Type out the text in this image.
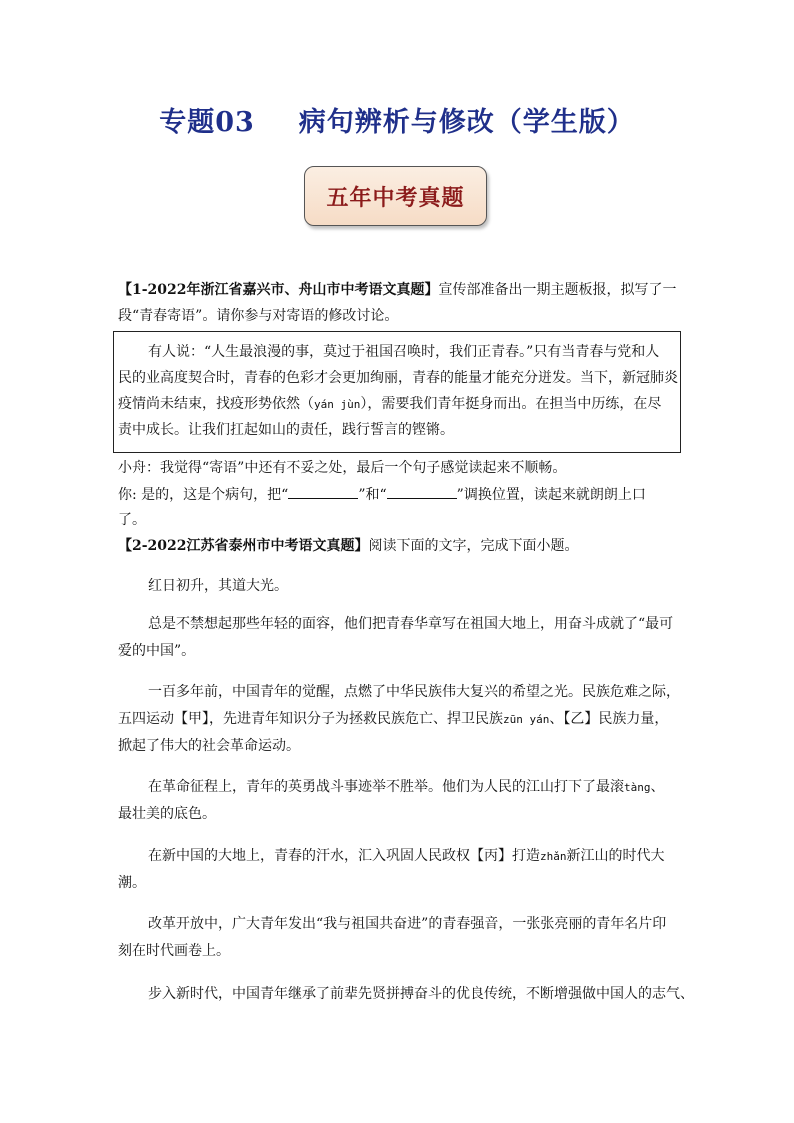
专题03 病句辨析与修改（学生版）
五年中考真题
【1-2022年浙江省嘉兴市、舟山市中考语文真题】宣传部准备出一期主题板报，拟写了一
段“青春寄语”。请你参与对寄语的修改讨论。
有人说：“人生最浪漫的事，莫过于祖国召唤时，我们正青春。”只有当青春与党和人
民的业高度契合时，青春的色彩才会更加绚丽，青春的能量才能充分迸发。当下，新冠肺炎
疫情尚未结束，找疫形势依然（yán jùn），需要我们青年挺身而出。在担当中历练，在尽
责中成长。让我们扛起如山的责任，践行誓言的铿锵。
小舟：我觉得“寄语”中还有不妥之处，最后一个句子感觉读起来不顺畅。
你: 是的，这是个病句，把“	”和“	”调换位置，读起来就朗朗上口
了。
【2-2022江苏省泰州市中考语文真题】阅读下面的文字，完成下面小题。
红日初升，其道大光。
总是不禁想起那些年轻的面容，他们把青春华章写在祖国大地上，用奋斗成就了“最可
爱的中国”。
一百多年前，中国青年的觉醒，点燃了中华民族伟大复兴的希望之光。民族危难之际，
五四运动【甲】，先进青年知识分子为拯救民族危亡、捍卫民族zūn yán、【乙】民族力量，
掀起了伟大的社会革命运动。
在革命征程上，青年的英勇战斗事迹举不胜举。他们为人民的江山打下了最滚tàng、
最壮美的底色。
在新中国的大地上，青春的汗水，汇入巩固人民政权【丙】打造zhǎn新江山的时代大
潮。
改革开放中，广大青年发出“我与祖国共奋进”的青春强音，一张张亮丽的青年名片印
刻在时代画卷上。
步入新时代，中国青年继承了前辈先贤拼搏奋斗的优良传统，不断增强做中国人的志气、
